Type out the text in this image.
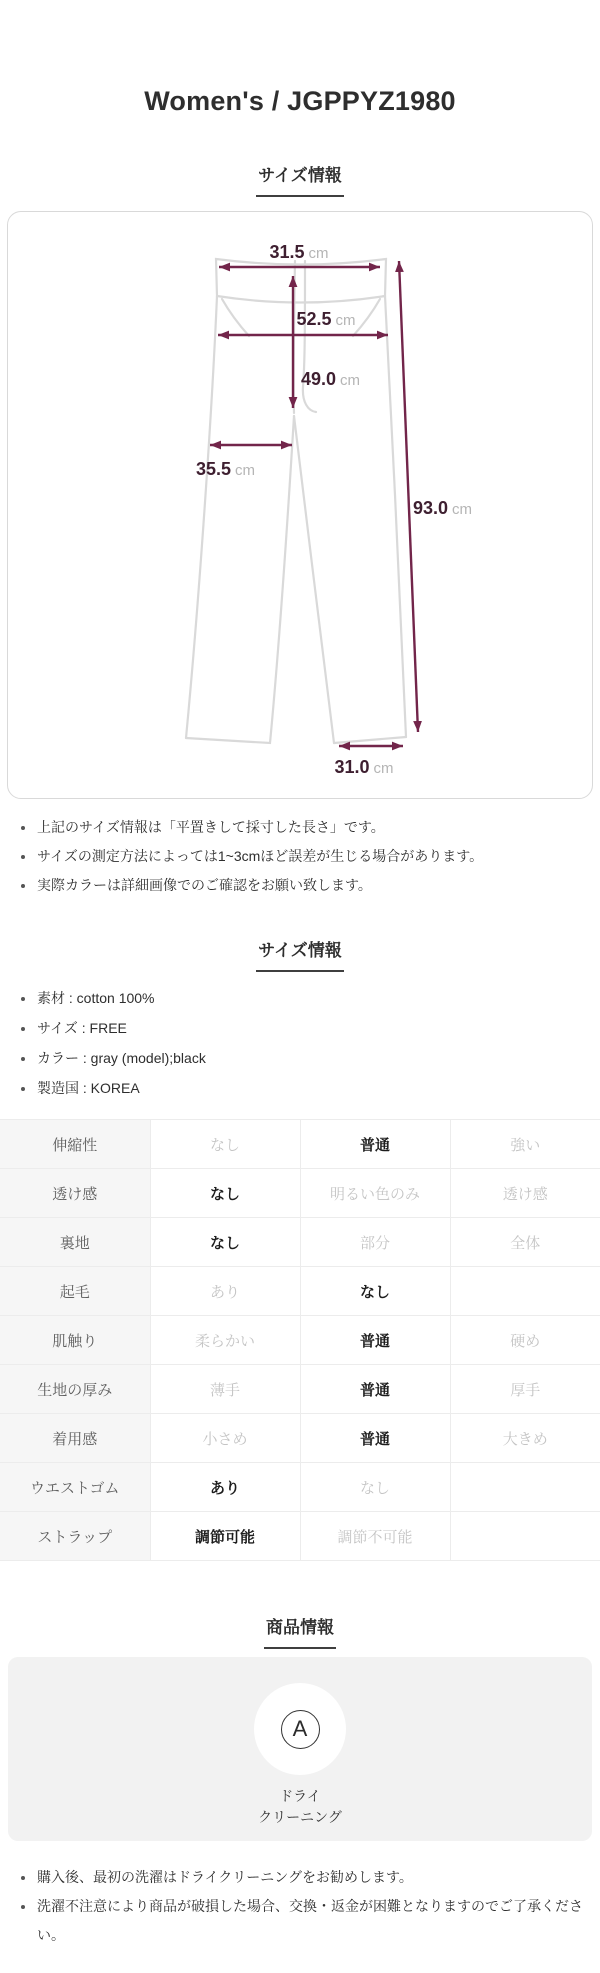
Women's / JGPPYZ1980
サイズ情報
31.5 cm
52.5 cm
49.0 cm
35.5 cm
93.0 cm
31.0 cm
上記のサイズ情報は「平置きして採寸した長さ」です。
サイズの測定方法によっては1~3cmほど誤差が生じる場合があります。
実際カラーは詳細画像でのご確認をお願い致します。
サイズ情報
素材 : cotton 100%
サイズ : FREE
カラー : gray (model);black
製造国 : KOREA
伸縮性	なし	普通	強い
透け感	なし	明るい色のみ	透け感
裏地	なし	部分	全体
起毛	あり	なし	
肌触り	柔らかい	普通	硬め
生地の厚み	薄手	普通	厚手
着用感	小さめ	普通	大きめ
ウエストゴム	あり	なし	
ストラップ	調節可能	調節不可能	
商品情報
A
ドライ
クリーニング
購入後、最初の洗濯はドライクリーニングをお勧めします。
洗濯不注意により商品が破損した場合、交換・返金が困難となりますのでご了承ください。
